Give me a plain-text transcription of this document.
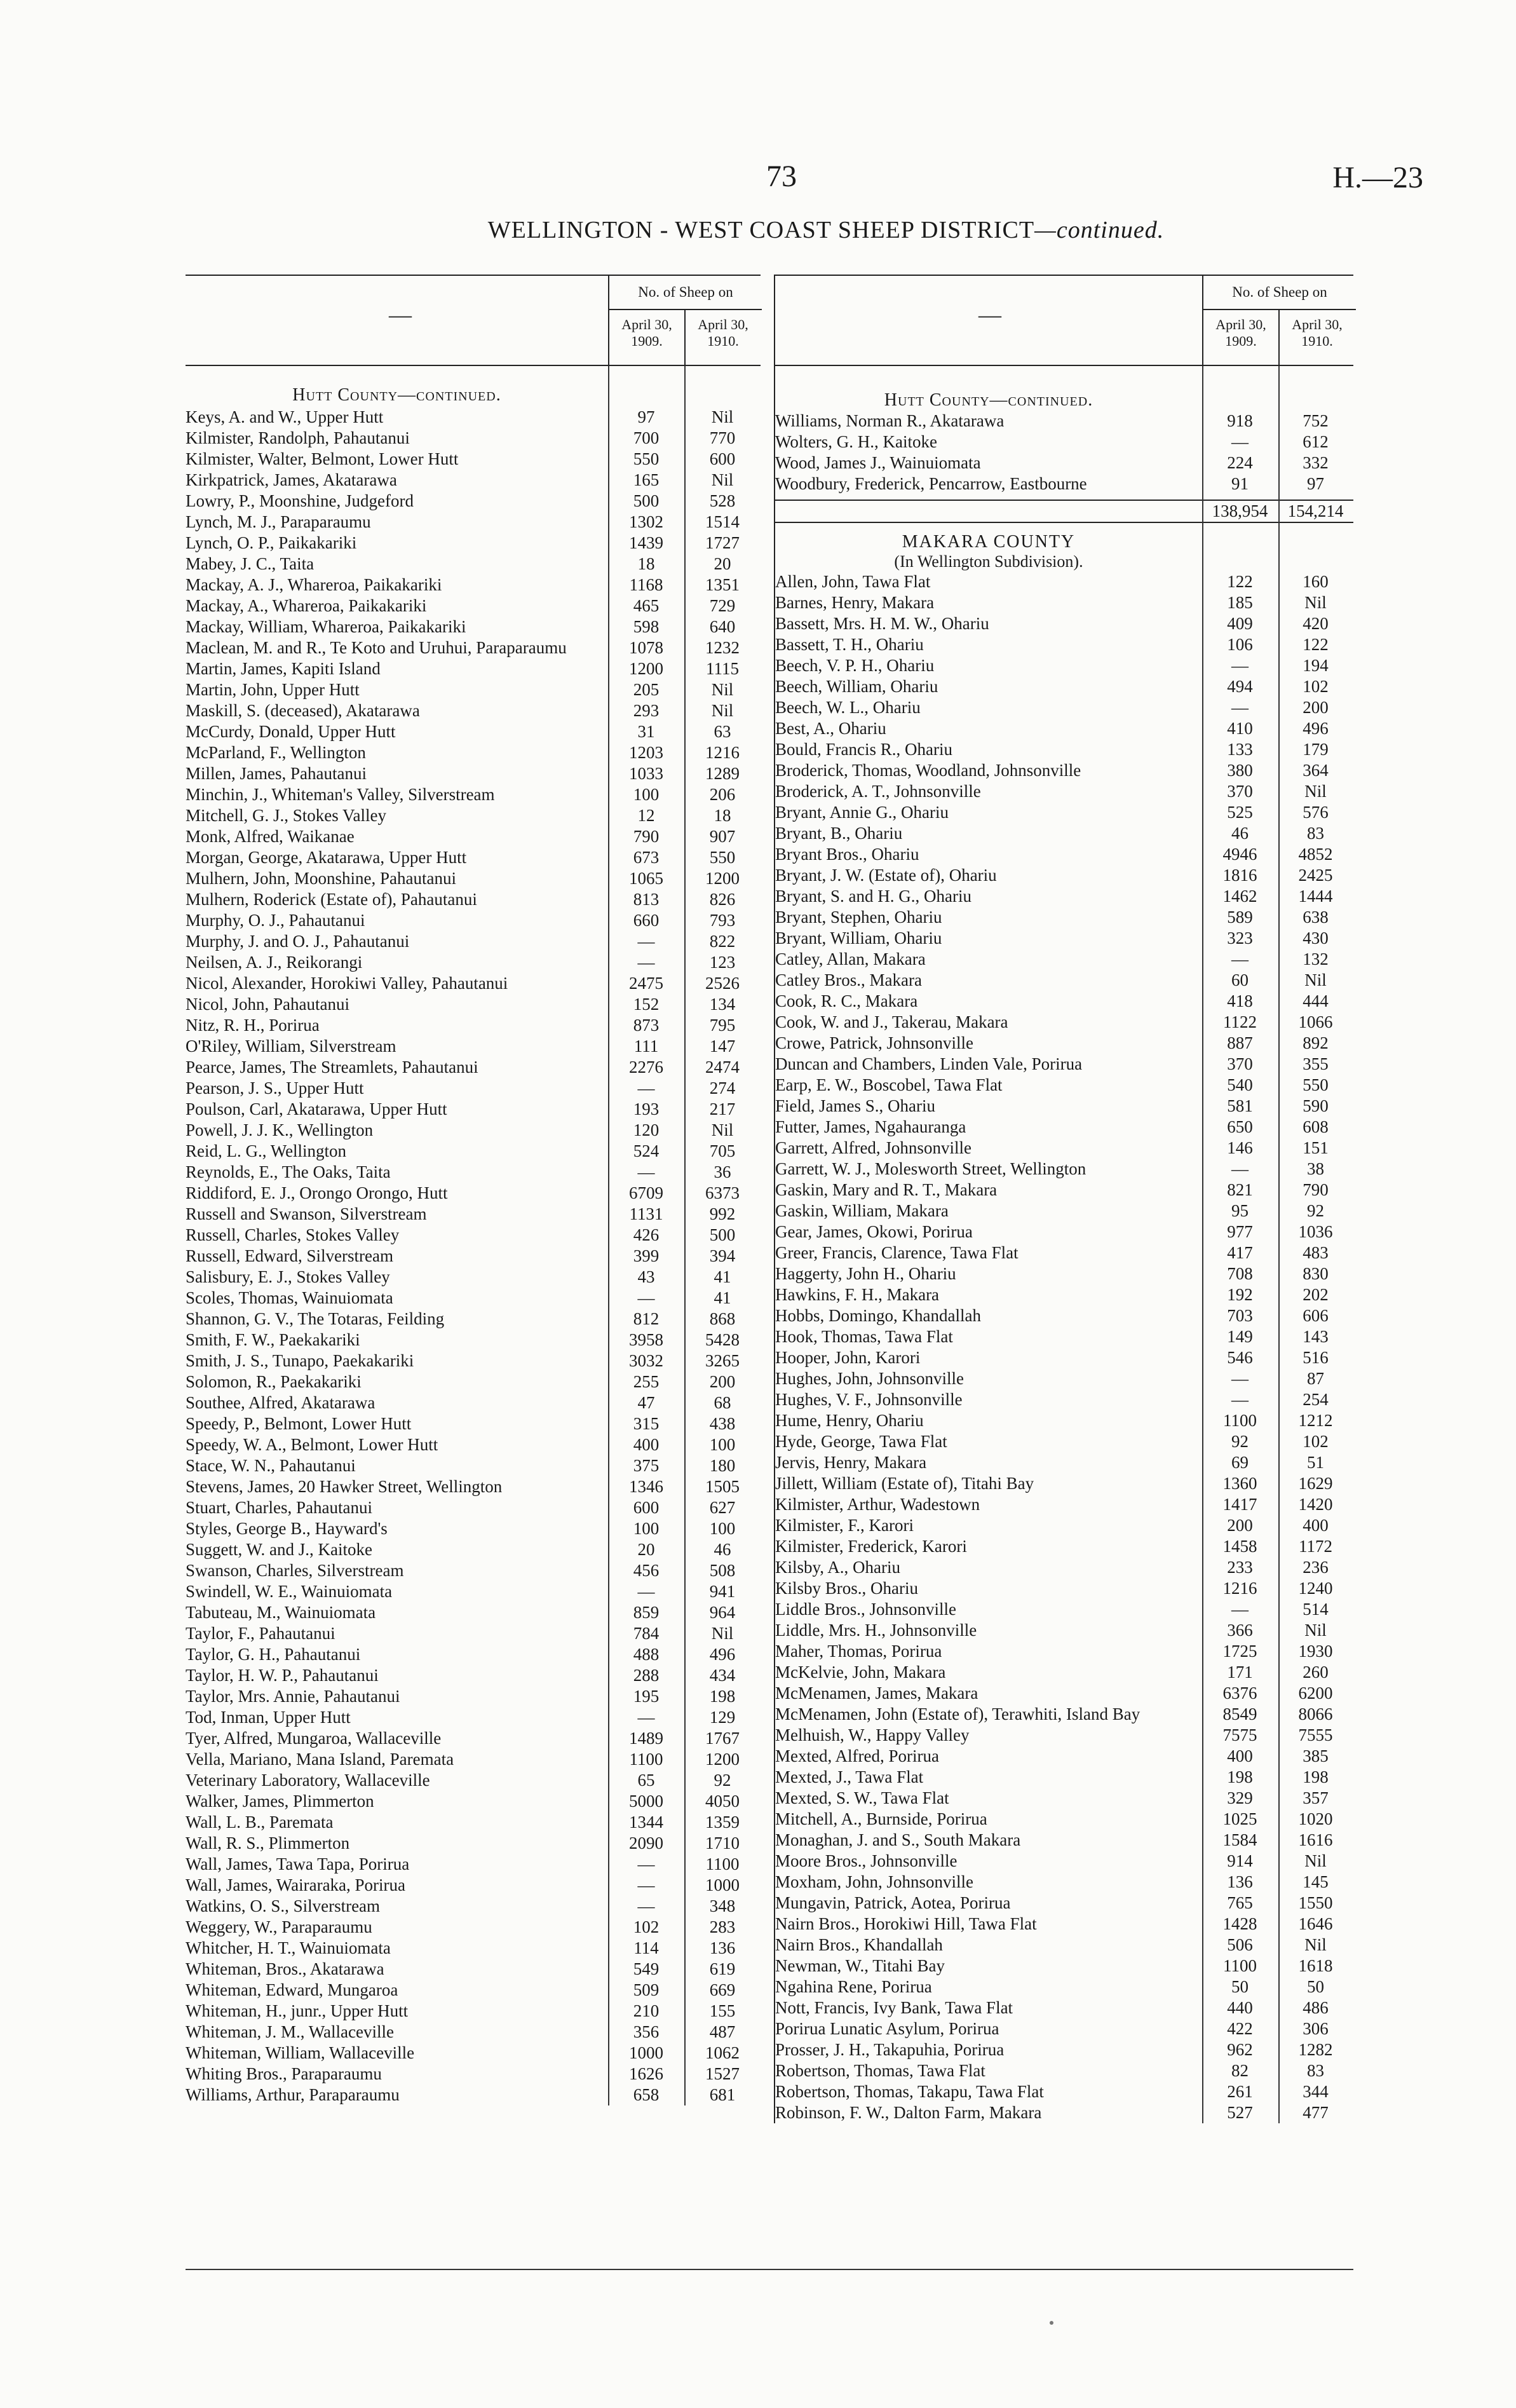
73	H.—23
WELLINGTON - WEST COAST SHEEP DISTRICT—continued.
—
No. of Sheep on
April 30,
1909.
April 30,
1910.
Hutt County—continued.
Keys, A. and W., Upper Hutt	97	Nil
Kilmister, Randolph, Pahautanui	700	770
Kilmister, Walter, Belmont, Lower Hutt	550	600
Kirkpatrick, James, Akatarawa	165	Nil
Lowry, P., Moonshine, Judgeford	500	528
Lynch, M. J., Paraparaumu	1302	1514
Lynch, O. P., Paikakariki	1439	1727
Mabey, J. C., Taita	18	20
Mackay, A. J., Whareroa, Paikakariki	1168	1351
Mackay, A., Whareroa, Paikakariki	465	729
Mackay, William, Whareroa, Paikakariki	598	640
Maclean, M. and R., Te Koto and Uruhui, Paraparaumu	1078	1232
Martin, James, Kapiti Island	1200	1115
Martin, John, Upper Hutt	205	Nil
Maskill, S. (deceased), Akatarawa	293	Nil
McCurdy, Donald, Upper Hutt	31	63
McParland, F., Wellington	1203	1216
Millen, James, Pahautanui	1033	1289
Minchin, J., Whiteman's Valley, Silverstream	100	206
Mitchell, G. J., Stokes Valley	12	18
Monk, Alfred, Waikanae	790	907
Morgan, George, Akatarawa, Upper Hutt	673	550
Mulhern, John, Moonshine, Pahautanui	1065	1200
Mulhern, Roderick (Estate of), Pahautanui	813	826
Murphy, O. J., Pahautanui	660	793
Murphy, J. and O. J., Pahautanui	—	822
Neilsen, A. J., Reikorangi	—	123
Nicol, Alexander, Horokiwi Valley, Pahautanui	2475	2526
Nicol, John, Pahautanui	152	134
Nitz, R. H., Porirua	873	795
O'Riley, William, Silverstream	111	147
Pearce, James, The Streamlets, Pahautanui	2276	2474
Pearson, J. S., Upper Hutt	—	274
Poulson, Carl, Akatarawa, Upper Hutt	193	217
Powell, J. J. K., Wellington	120	Nil
Reid, L. G., Wellington	524	705
Reynolds, E., The Oaks, Taita	—	36
Riddiford, E. J., Orongo Orongo, Hutt	6709	6373
Russell and Swanson, Silverstream	1131	992
Russell, Charles, Stokes Valley	426	500
Russell, Edward, Silverstream	399	394
Salisbury, E. J., Stokes Valley	43	41
Scoles, Thomas, Wainuiomata	—	41
Shannon, G. V., The Totaras, Feilding	812	868
Smith, F. W., Paekakariki	3958	5428
Smith, J. S., Tunapo, Paekakariki	3032	3265
Solomon, R., Paekakariki	255	200
Southee, Alfred, Akatarawa	47	68
Speedy, P., Belmont, Lower Hutt	315	438
Speedy, W. A., Belmont, Lower Hutt	400	100
Stace, W. N., Pahautanui	375	180
Stevens, James, 20 Hawker Street, Wellington	1346	1505
Stuart, Charles, Pahautanui	600	627
Styles, George B., Hayward's	100	100
Suggett, W. and J., Kaitoke	20	46
Swanson, Charles, Silverstream	456	508
Swindell, W. E., Wainuiomata	—	941
Tabuteau, M., Wainuiomata	859	964
Taylor, F., Pahautanui	784	Nil
Taylor, G. H., Pahautanui	488	496
Taylor, H. W. P., Pahautanui	288	434
Taylor, Mrs. Annie, Pahautanui	195	198
Tod, Inman, Upper Hutt	—	129
Tyer, Alfred, Mungaroa, Wallaceville	1489	1767
Vella, Mariano, Mana Island, Paremata	1100	1200
Veterinary Laboratory, Wallaceville	65	92
Walker, James, Plimmerton	5000	4050
Wall, L. B., Paremata	1344	1359
Wall, R. S., Plimmerton	2090	1710
Wall, James, Tawa Tapa, Porirua	—	1100
Wall, James, Wairaraka, Porirua	—	1000
Watkins, O. S., Silverstream	—	348
Weggery, W., Paraparaumu	102	283
Whitcher, H. T., Wainuiomata	114	136
Whiteman, Bros., Akatarawa	549	619
Whiteman, Edward, Mungaroa	509	669
Whiteman, H., junr., Upper Hutt	210	155
Whiteman, J. M., Wallaceville	356	487
Whiteman, William, Wallaceville	1000	1062
Whiting Bros., Paraparaumu	1626	1527
Williams, Arthur, Paraparaumu	658	681
—
No. of Sheep on
April 30,
1909.
April 30,
1910.
Hutt County—continued.
Williams, Norman R., Akatarawa	918	752
Wolters, G. H., Kaitoke	—	612
Wood, James J., Wainuiomata	224	332
Woodbury, Frederick, Pencarrow, Eastbourne	91	97
138,954	154,214
MAKARA COUNTY
(In Wellington Subdivision).
Allen, John, Tawa Flat	122	160
Barnes, Henry, Makara	185	Nil
Bassett, Mrs. H. M. W., Ohariu	409	420
Bassett, T. H., Ohariu	106	122
Beech, V. P. H., Ohariu	—	194
Beech, William, Ohariu	494	102
Beech, W. L., Ohariu	—	200
Best, A., Ohariu	410	496
Bould, Francis R., Ohariu	133	179
Broderick, Thomas, Woodland, Johnsonville	380	364
Broderick, A. T., Johnsonville	370	Nil
Bryant, Annie G., Ohariu	525	576
Bryant, B., Ohariu	46	83
Bryant Bros., Ohariu	4946	4852
Bryant, J. W. (Estate of), Ohariu	1816	2425
Bryant, S. and H. G., Ohariu	1462	1444
Bryant, Stephen, Ohariu	589	638
Bryant, William, Ohariu	323	430
Catley, Allan, Makara	—	132
Catley Bros., Makara	60	Nil
Cook, R. C., Makara	418	444
Cook, W. and J., Takerau, Makara	1122	1066
Crowe, Patrick, Johnsonville	887	892
Duncan and Chambers, Linden Vale, Porirua	370	355
Earp, E. W., Boscobel, Tawa Flat	540	550
Field, James S., Ohariu	581	590
Futter, James, Ngahauranga	650	608
Garrett, Alfred, Johnsonville	146	151
Garrett, W. J., Molesworth Street, Wellington	—	38
Gaskin, Mary and R. T., Makara	821	790
Gaskin, William, Makara	95	92
Gear, James, Okowi, Porirua	977	1036
Greer, Francis, Clarence, Tawa Flat	417	483
Haggerty, John H., Ohariu	708	830
Hawkins, F. H., Makara	192	202
Hobbs, Domingo, Khandallah	703	606
Hook, Thomas, Tawa Flat	149	143
Hooper, John, Karori	546	516
Hughes, John, Johnsonville	—	87
Hughes, V. F., Johnsonville	—	254
Hume, Henry, Ohariu	1100	1212
Hyde, George, Tawa Flat	92	102
Jervis, Henry, Makara	69	51
Jillett, William (Estate of), Titahi Bay	1360	1629
Kilmister, Arthur, Wadestown	1417	1420
Kilmister, F., Karori	200	400
Kilmister, Frederick, Karori	1458	1172
Kilsby, A., Ohariu	233	236
Kilsby Bros., Ohariu	1216	1240
Liddle Bros., Johnsonville	—	514
Liddle, Mrs. H., Johnsonville	366	Nil
Maher, Thomas, Porirua	1725	1930
McKelvie, John, Makara	171	260
McMenamen, James, Makara	6376	6200
McMenamen, John (Estate of), Terawhiti, Island Bay	8549	8066
Melhuish, W., Happy Valley	7575	7555
Mexted, Alfred, Porirua	400	385
Mexted, J., Tawa Flat	198	198
Mexted, S. W., Tawa Flat	329	357
Mitchell, A., Burnside, Porirua	1025	1020
Monaghan, J. and S., South Makara	1584	1616
Moore Bros., Johnsonville	914	Nil
Moxham, John, Johnsonville	136	145
Mungavin, Patrick, Aotea, Porirua	765	1550
Nairn Bros., Horokiwi Hill, Tawa Flat	1428	1646
Nairn Bros., Khandallah	506	Nil
Newman, W., Titahi Bay	1100	1618
Ngahina Rene, Porirua	50	50
Nott, Francis, Ivy Bank, Tawa Flat	440	486
Porirua Lunatic Asylum, Porirua	422	306
Prosser, J. H., Takapuhia, Porirua	962	1282
Robertson, Thomas, Tawa Flat	82	83
Robertson, Thomas, Takapu, Tawa Flat	261	344
Robinson, F. W., Dalton Farm, Makara	527	477
